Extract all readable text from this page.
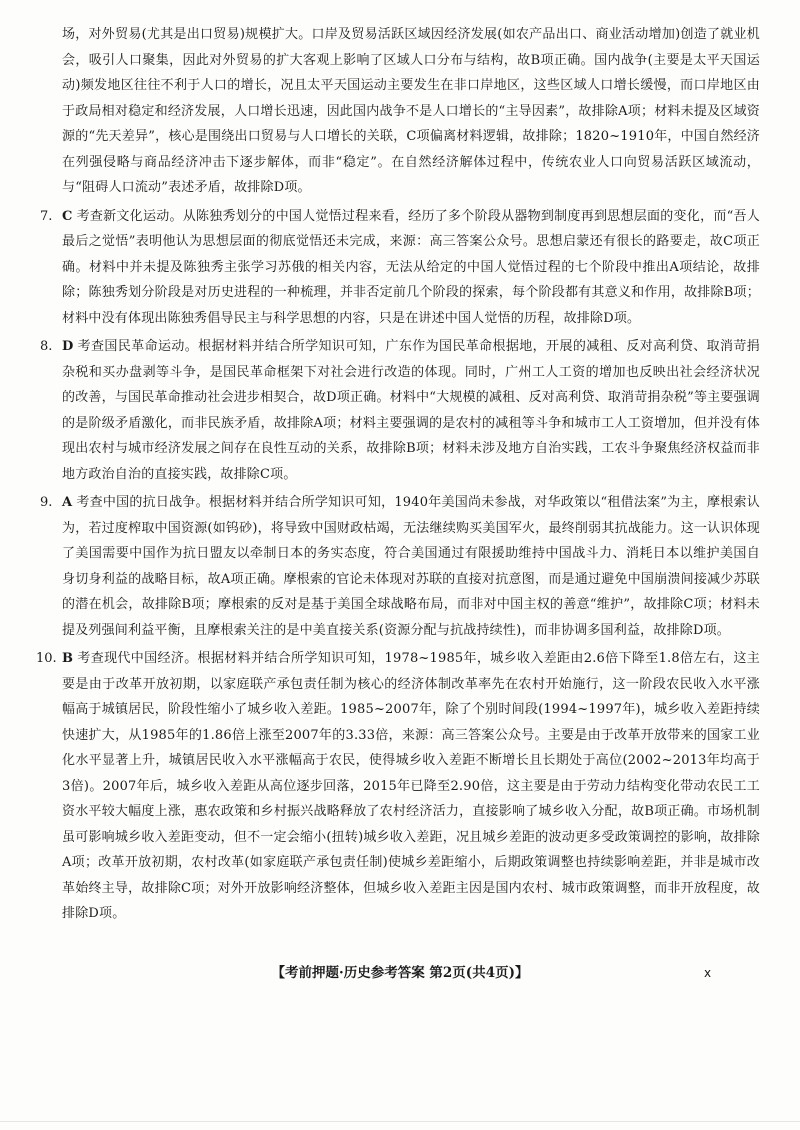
场，对外贸易(尤其是出口贸易)规模扩大。口岸及贸易活跃区域因经济发展(如农产品出口、商业活动增加)创造了就业机会，吸引人口聚集，因此对外贸易的扩大客观上影响了区域人口分布与结构，故B项正确。国内战争(主要是太平天国运动)频发地区往往不利于人口的增长，况且太平天国运动主要发生在非口岸地区，这些区域人口增长缓慢，而口岸地区由于政局相对稳定和经济发展，人口增长迅速，因此国内战争不是人口增长的“主导因素”，故排除A项；材料未提及区域资源的“先天差异”，核心是围绕出口贸易与人口增长的关联，C项偏离材料逻辑，故排除；1820~1910年，中国自然经济在列强侵略与商品经济冲击下逐步解体，而非“稳定”。在自然经济解体过程中，传统农业人口向贸易活跃区域流动，与“阻碍人口流动”表述矛盾，故排除D项。
7. C 考查新文化运动。从陈独秀划分的中国人觉悟过程来看，经历了多个阶段从器物到制度再到思想层面的变化，而“吾人最后之觉悟”表明他认为思想层面的彻底觉悟还未完成，来源：高三答案公众号。思想启蒙还有很长的路要走，故C项正确。材料中并未提及陈独秀主张学习苏俄的相关内容，无法从给定的中国人觉悟过程的七个阶段中推出A项结论，故排除；陈独秀划分阶段是对历史进程的一种梳理，并非否定前几个阶段的探索，每个阶段都有其意义和作用，故排除B项；材料中没有体现出陈独秀倡导民主与科学思想的内容，只是在讲述中国人觉悟的历程，故排除D项。
8. D 考查国民革命运动。根据材料并结合所学知识可知，广东作为国民革命根据地，开展的减租、反对高利贷、取消苛捐杂税和买办盘剥等斗争，是国民革命框架下对社会进行改造的体现。同时，广州工人工资的增加也反映出社会经济状况的改善，与国民革命推动社会进步相契合，故D项正确。材料中“大规模的减租、反对高利贷、取消苛捐杂税”等主要强调的是阶级矛盾激化，而非民族矛盾，故排除A项；材料主要强调的是农村的减租等斗争和城市工人工资增加，但并没有体现出农村与城市经济发展之间存在良性互动的关系，故排除B项；材料未涉及地方自治实践，工农斗争聚焦经济权益而非地方政治自治的直接实践，故排除C项。
9. A 考查中国的抗日战争。根据材料并结合所学知识可知，1940年美国尚未参战，对华政策以“租借法案”为主，摩根索认为，若过度榨取中国资源(如钨砂)，将导致中国财政枯竭，无法继续购买美国军火，最终削弱其抗战能力。这一认识体现了美国需要中国作为抗日盟友以牵制日本的务实态度，符合美国通过有限援助维持中国战斗力、消耗日本以维护美国自身切身利益的战略目标，故A项正确。摩根索的官论未体现对苏联的直接对抗意图，而是通过避免中国崩溃间接减少苏联的潜在机会，故排除B项；摩根索的反对是基于美国全球战略布局，而非对中国主权的善意“维护”，故排除C项；材料未提及列强间利益平衡，且摩根索关注的是中美直接关系(资源分配与抗战持续性)，而非协调多国利益，故排除D项。
10. B 考查现代中国经济。根据材料并结合所学知识可知，1978~1985年，城乡收入差距由2.6倍下降至1.8倍左右，这主要是由于改革开放初期，以家庭联产承包责任制为核心的经济体制改革率先在农村开始施行，这一阶段农民收入水平涨幅高于城镇居民，阶段性缩小了城乡收入差距。1985~2007年，除了个别时间段(1994~1997年)，城乡收入差距持续快速扩大，从1985年的1.86倍上涨至2007年的3.33倍，来源：高三答案公众号。主要是由于改革开放带来的国家工业化水平显著上升，城镇居民收入水平涨幅高于农民，使得城乡收入差距不断增长且长期处于高位(2002~2013年均高于3倍)。2007年后，城乡收入差距从高位逐步回落，2015年已降至2.90倍，这主要是由于劳动力结构变化带动农民工工资水平较大幅度上涨，惠农政策和乡村振兴战略释放了农村经济活力，直接影响了城乡收入分配，故B项正确。市场机制虽可影响城乡收入差距变动，但不一定会缩小(扭转)城乡收入差距，况且城乡差距的波动更多受政策调控的影响，故排除A项；改革开放初期，农村改革(如家庭联产承包责任制)使城乡差距缩小，后期政策调整也持续影响差距，并非是城市改革始终主导，故排除C项；对外开放影响经济整体，但城乡收入差距主因是国内农村、城市政策调整，而非开放程度，故排除D项。
【考前押题·历史参考答案 第2页(共4页)】	x
